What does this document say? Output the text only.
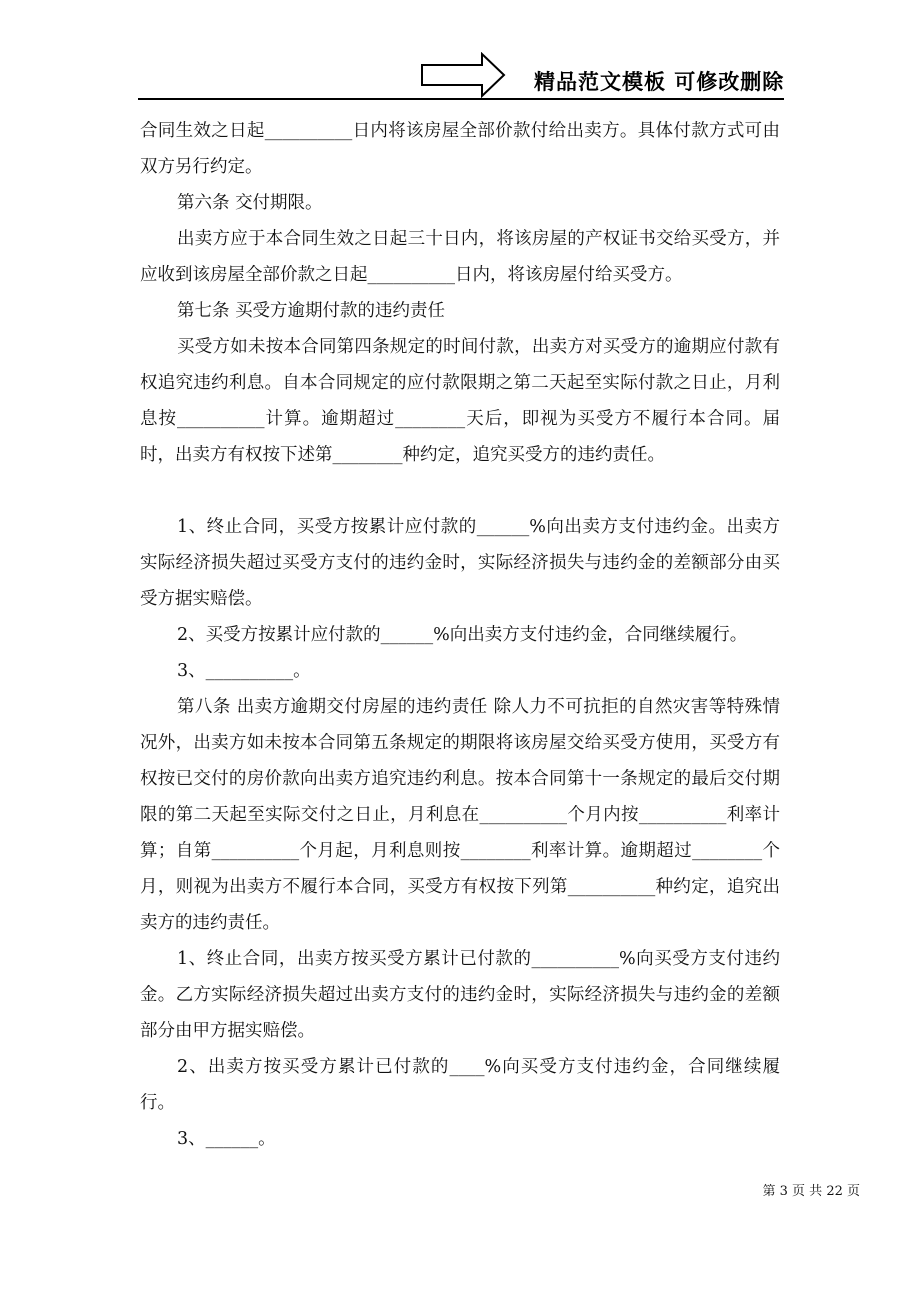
精品范文模板 可修改删除

合同生效之日起__________日内将该房屋全部价款付给出卖方。具体付款方式可由双方另行约定。

第六条 交付期限。

出卖方应于本合同生效之日起三十日内，将该房屋的产权证书交给买受方，并应收到该房屋全部价款之日起__________日内，将该房屋付给买受方。

第七条 买受方逾期付款的违约责任

买受方如未按本合同第四条规定的时间付款，出卖方对买受方的逾期应付款有权追究违约利息。自本合同规定的应付款限期之第二天起至实际付款之日止，月利息按__________计算。逾期超过________天后，即视为买受方不履行本合同。届时，出卖方有权按下述第________种约定，追究买受方的违约责任。

1、终止合同，买受方按累计应付款的______%向出卖方支付违约金。出卖方实际经济损失超过买受方支付的违约金时，实际经济损失与违约金的差额部分由买受方据实赔偿。

2、买受方按累计应付款的______%向出卖方支付违约金，合同继续履行。

3、__________。

第八条 出卖方逾期交付房屋的违约责任 除人力不可抗拒的自然灾害等特殊情况外，出卖方如未按本合同第五条规定的期限将该房屋交给买受方使用，买受方有权按已交付的房价款向出卖方追究违约利息。按本合同第十一条规定的最后交付期限的第二天起至实际交付之日止，月利息在__________个月内按__________利率计算；自第__________个月起，月利息则按________利率计算。逾期超过________个月，则视为出卖方不履行本合同，买受方有权按下列第__________种约定，追究出卖方的违约责任。

1、终止合同，出卖方按买受方累计已付款的__________%向买受方支付违约金。乙方实际经济损失超过出卖方支付的违约金时，实际经济损失与违约金的差额部分由甲方据实赔偿。

2、出卖方按买受方累计已付款的____%向买受方支付违约金，合同继续履行。

3、______。

第 3 页 共 22 页
